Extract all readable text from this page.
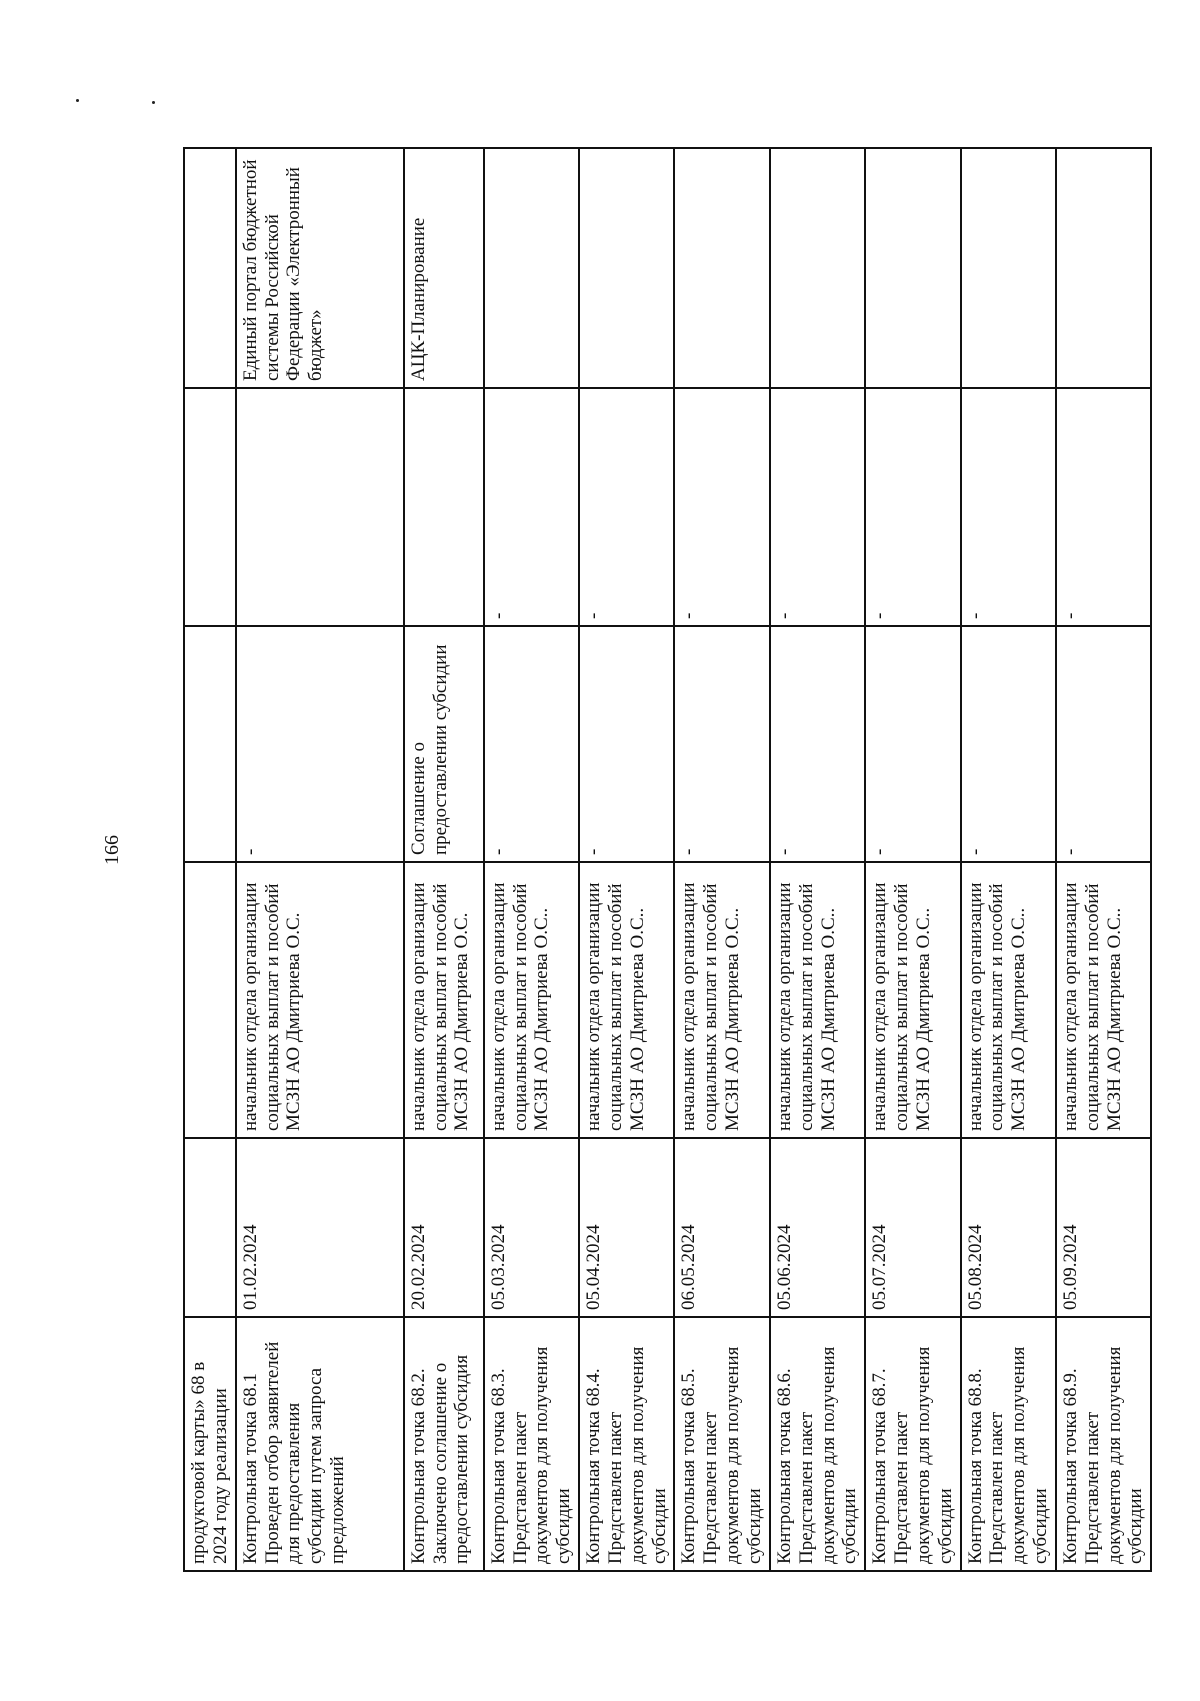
166
продуктовой карты» 68 в 2024 году реализации					
Контрольная точка 68.1 Проведен отбор заявителей для предоставления субсидии путем запроса предложений	01.02.2024	начальник отдела организации социальных выплат и пособий МСЗН АО Дмитриева О.С.	-		Единый портал бюджетной системы Российской Федерации «Электронный бюджет»
Контрольная точка 68.2. Заключено соглашение о предоставлении субсидия	20.02.2024	начальник отдела организации социальных выплат и пособий МСЗН АО Дмитриева О.С.	Соглашение о предоставлении субсидии		АЦК-Планирование
Контрольная точка 68.3. Представлен пакет документов для получения субсидии	05.03.2024	начальник отдела организации социальных выплат и пособий МСЗН АО Дмитриева О.С..	-	-	
Контрольная точка 68.4. Представлен пакет документов для получения субсидии	05.04.2024	начальник отдела организации социальных выплат и пособий МСЗН АО Дмитриева О.С..	-	-	
Контрольная точка 68.5. Представлен пакет документов для получения субсидии	06.05.2024	начальник отдела организации социальных выплат и пособий МСЗН АО Дмитриева О.С..	-	-	
Контрольная точка 68.6. Представлен пакет документов для получения субсидии	05.06.2024	начальник отдела организации социальных выплат и пособий МСЗН АО Дмитриева О.С..	-	-	
Контрольная точка 68.7. Представлен пакет документов для получения субсидии	05.07.2024	начальник отдела организации социальных выплат и пособий МСЗН АО Дмитриева О.С..	-	-	
Контрольная точка 68.8. Представлен пакет документов для получения субсидии	05.08.2024	начальник отдела организации социальных выплат и пособий МСЗН АО Дмитриева О.С..	-	-	
Контрольная точка 68.9. Представлен пакет документов для получения субсидии	05.09.2024	начальник отдела организации социальных выплат и пособий МСЗН АО Дмитриева О.С..	-	-	
